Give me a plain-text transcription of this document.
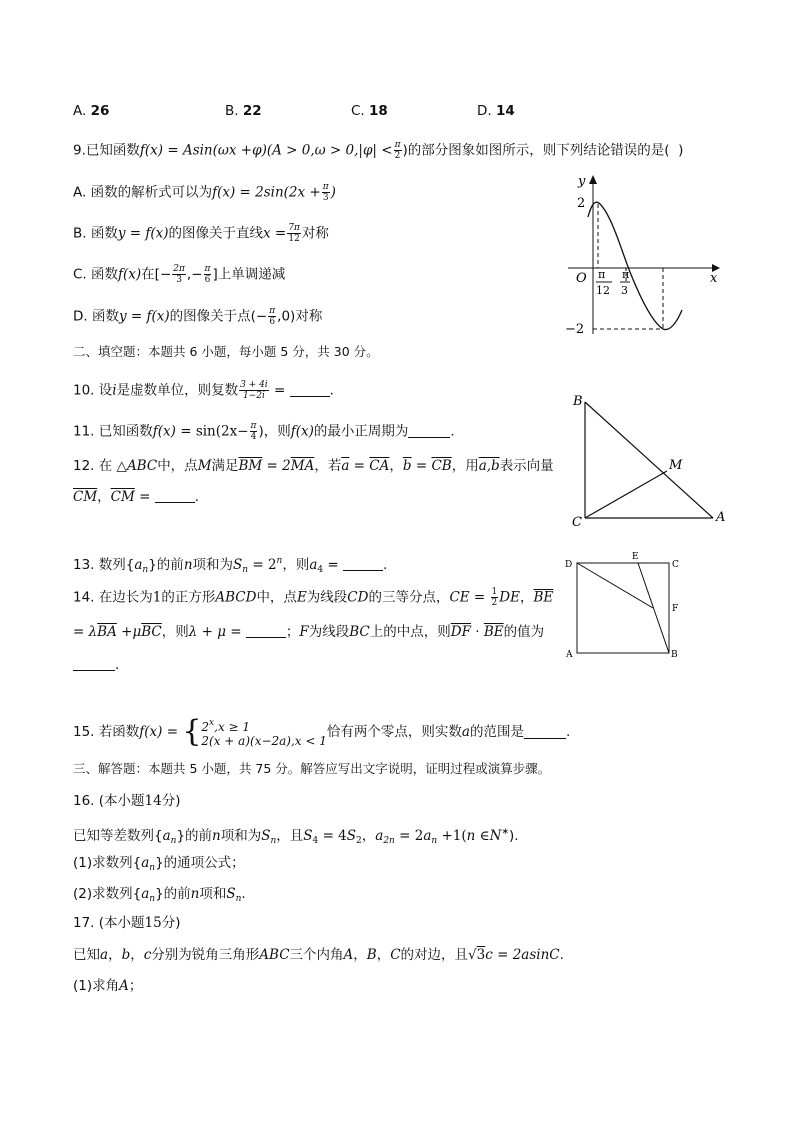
A. 26	B. 22	C. 18	D. 14
9.已知函数$f(x) = Asin(\omega x +\varphi)(A > 0,\omega > 0,|\varphi| < \frac{\pi}{2}$ )的部分图象如图所示，则下列结论错误的是(  )
A. 函数的解析式可以为$f(x) = 2\sin(2x + \frac{\pi}{3}$ )
B. 函数y = f(x)的图像关于直线$x = \frac{7\pi}{12}$ 对称
C. 函数f(x)在[− $\frac{2\pi}{3}$ ,− $\frac{\pi}{6}$ ]上单调递减
D. 函数y = f(x)的图像关于点(− $\frac{\pi}{6} ,0$)对称
二、填空题：本题共 6 小题，每小题 5 分，共 30 分。
10. 设i是虚数单位，则复数 $\frac{3 + 4i}{1-2i}$ =	.
11. 已知函数$f(x) = \sin(2x- \frac{\pi}{4}$ )，则f(x)的最小正周期为	.
12. 在 △ABC中，点M满足$\overline{BM} = 2\overline{MA}$，若$\overline{a} = \overline{CA}$，$\overline{b} = \overline{CB}$，用a,b表示向量
$\overline{CM}$，$\overline{CM}$ =	.
13. 数列$\{a_n\}$的前n项和为$S_n = 2^n$，则$a_4$ =	.
14. 在边长为1的正方形ABCD中，点E为线段CD的三等分点，CE = $\frac{1}{2}$ DE，$\overline{BE}$
= $\lambda\overline{BA} +\mu\overline{BC}$，则λ + μ =	；F为线段BC上的中点，则$\overline{DF} \cdot \overline{BE}$的值为
.
15. 若函数f(x) = { $2^x,x \ge 1$
2(x + a)(x−2a),x < 1
恰有两个零点，则实数a的范围是	.
三、解答题：本题共 5 小题，共 75 分。解答应写出文字说明，证明过程或演算步骤。
16. (本小题14分)
已知等差数列$\{a_n\}$的前n项和为$S_n$，且$S_4 = 4S_2$，$a_{2n} = 2a_n +1(n$ ∈N∗).
(1)求数列$\{a_n\}$的通项公式；
(2)求数列$\{a_n\}$的前n项和$S_n$.
17. (本小题15分)
已知a，b，c分别为锐角三角形ABC三个内角A，B，C的对边，且√3c = 2asinC.
(1)求角A；
y
x
O
2
−2
π
12
π
3
B
M
C	A
D
E
C
F
A	B
